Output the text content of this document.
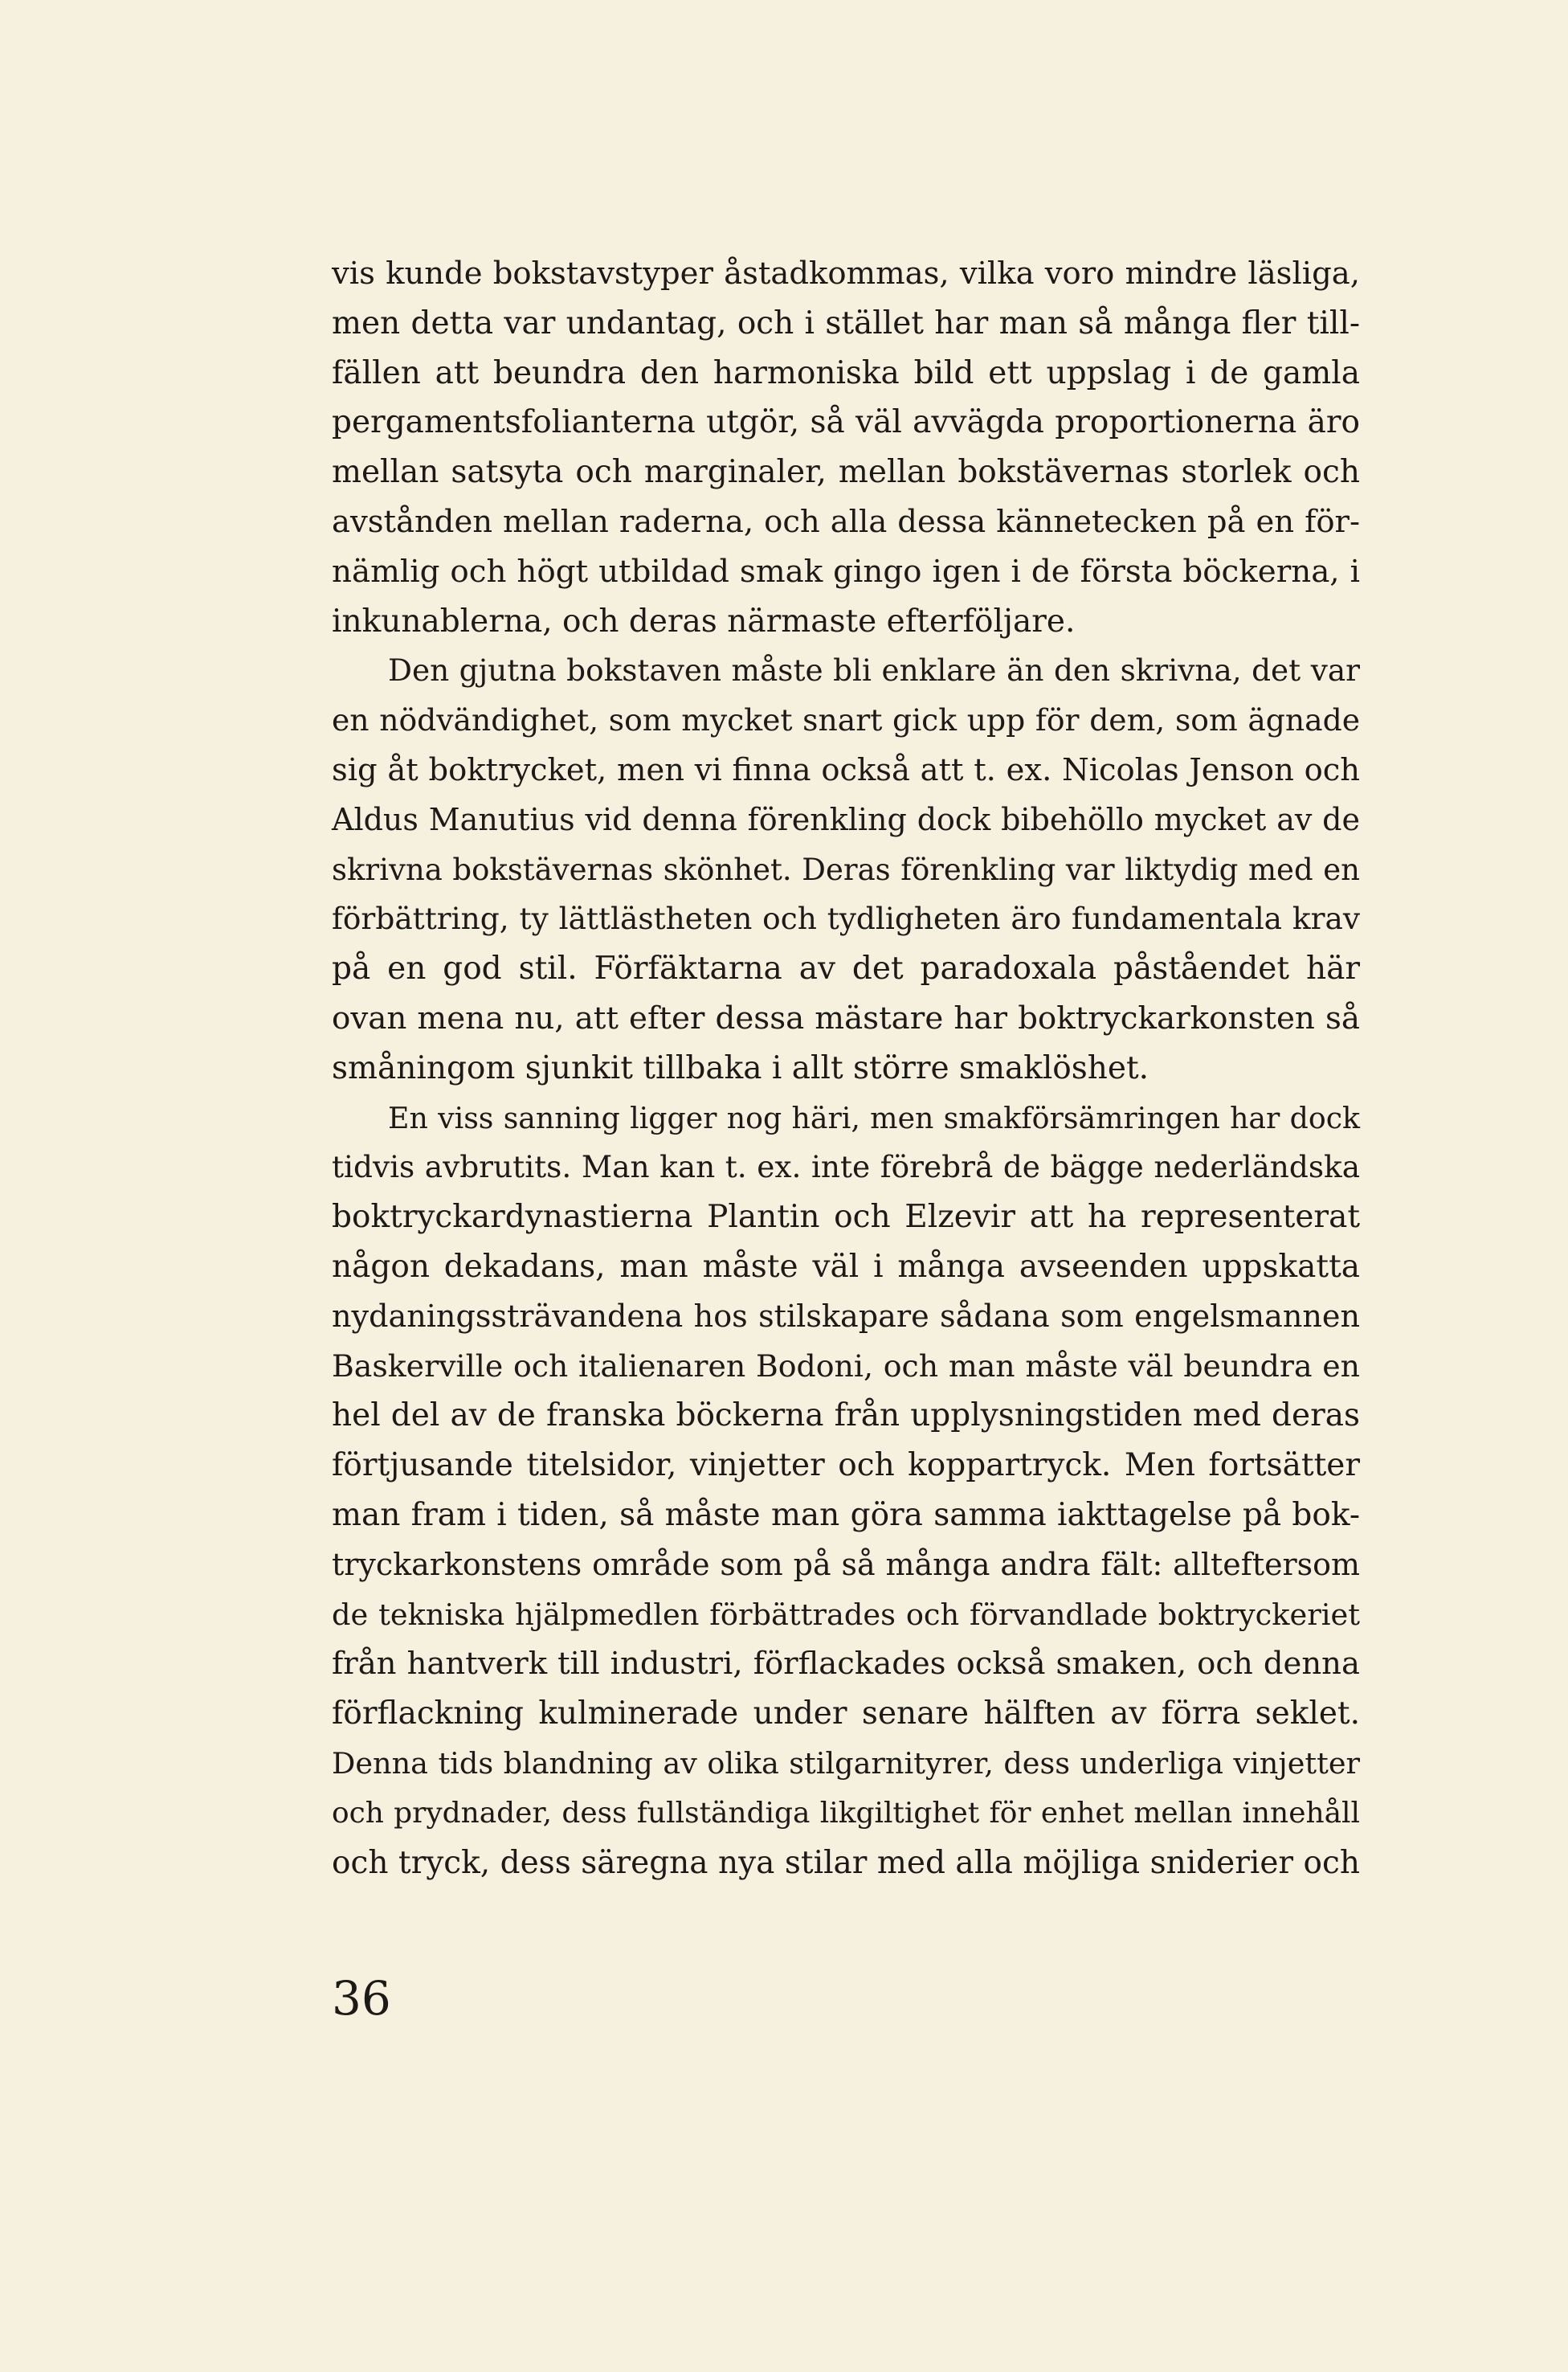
vis kunde bokstavstyper åstadkommas, vilka voro mindre läsliga,
men detta var undantag, och i stället har man så många fler till-
fällen att beundra den harmoniska bild ett uppslag i de gamla
pergamentsfolianterna utgör, så väl avvägda proportionerna äro
mellan satsyta och marginaler, mellan bokstävernas storlek och
avstånden mellan raderna, och alla dessa kännetecken på en för-
nämlig och högt utbildad smak gingo igen i de första böckerna, i
inkunablerna, och deras närmaste efterföljare.
Den gjutna bokstaven måste bli enklare än den skrivna, det var
en nödvändighet, som mycket snart gick upp för dem, som ägnade
sig åt boktrycket, men vi finna också att t. ex. Nicolas Jenson och
Aldus Manutius vid denna förenkling dock bibehöllo mycket av de
skrivna bokstävernas skönhet. Deras förenkling var liktydig med en
förbättring, ty lättlästheten och tydligheten äro fundamentala krav
på en god stil. Förfäktarna av det paradoxala påståendet här
ovan mena nu, att efter dessa mästare har boktryckarkonsten så
småningom sjunkit tillbaka i allt större smaklöshet.
En viss sanning ligger nog häri, men smakförsämringen har dock
tidvis avbrutits. Man kan t. ex. inte förebrå de bägge nederländska
boktryckardynastierna Plantin och Elzevir att ha representerat
någon dekadans, man måste väl i många avseenden uppskatta
nydaningssträvandena hos stilskapare sådana som engelsmannen
Baskerville och italienaren Bodoni, och man måste väl beundra en
hel del av de franska böckerna från upplysningstiden med deras
förtjusande titelsidor, vinjetter och koppartryck. Men fortsätter
man fram i tiden, så måste man göra samma iakttagelse på bok-
tryckarkonstens område som på så många andra fält: allteftersom
de tekniska hjälpmedlen förbättrades och förvandlade boktryckeriet
från hantverk till industri, förflackades också smaken, och denna
förflackning kulminerade under senare hälften av förra seklet.
Denna tids blandning av olika stilgarnityrer, dess underliga vinjetter
och prydnader, dess fullständiga likgiltighet för enhet mellan innehåll
och tryck, dess säregna nya stilar med alla möjliga sniderier och
36
